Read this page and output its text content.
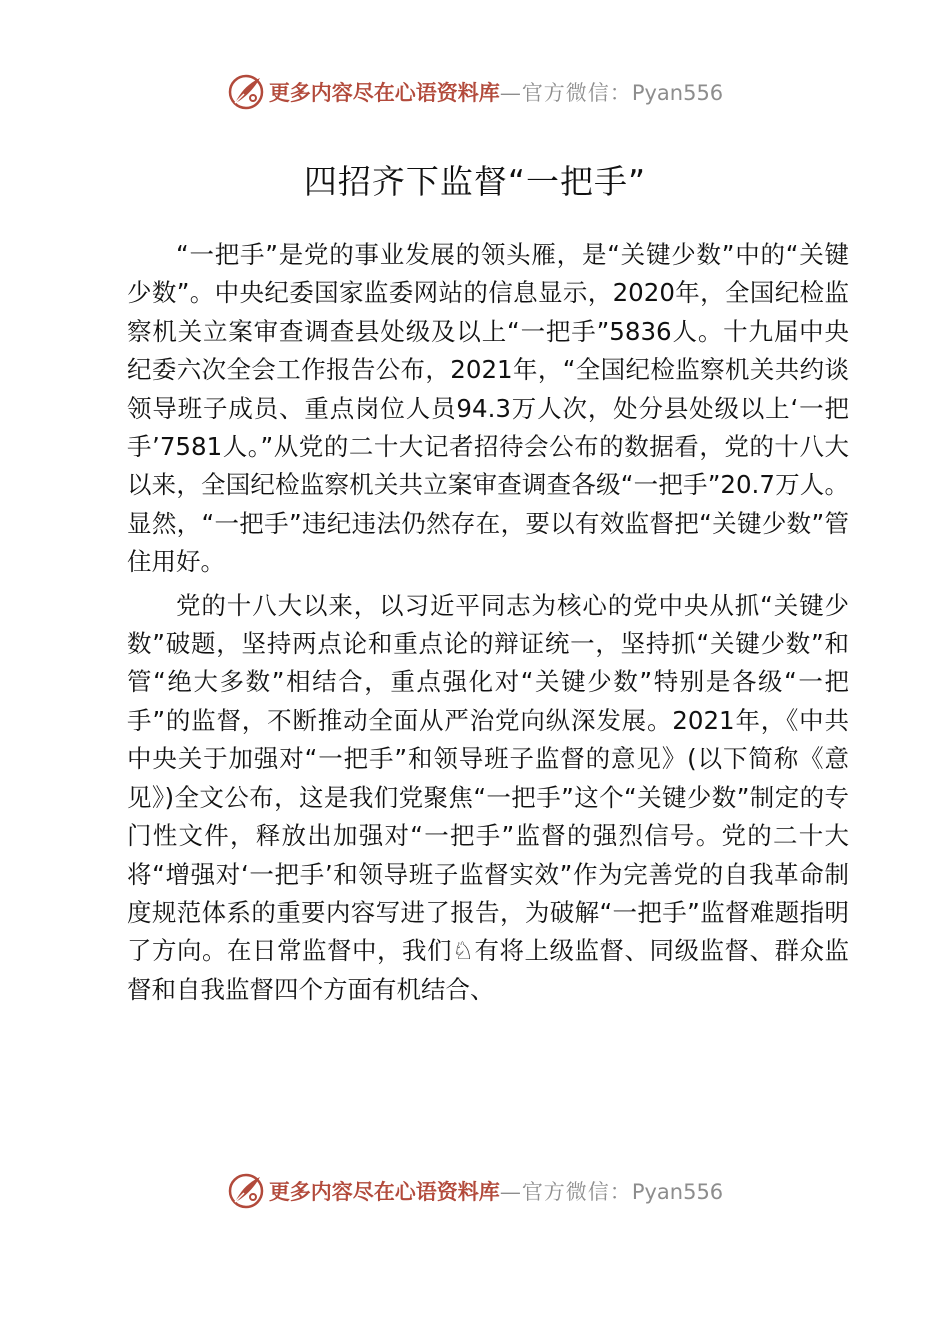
更多内容尽在心语资料库—官方微信：Pyan556
四招齐下监督“一把手”

“一把手”是党的事业发展的领头雁，是“关键少数”中的“关键少数”。中央纪委国家监委网站的信息显示，2020年，全国纪检监察机关立案审查调查县处级及以上“一把手”5836人。十九届中央纪委六次全会工作报告公布，2021年，“全国纪检监察机关共约谈领导班子成员、重点岗位人员94.3万人次，处分县处级以上‘一把手’7581人。”从党的二十大记者招待会公布的数据看，党的十八大以来，全国纪检监察机关共立案审查调查各级“一把手”20.7万人。显然，“一把手”违纪违法仍然存在，要以有效监督把“关键少数”管住用好。

党的十八大以来，以习近平同志为核心的党中央从抓“关键少数”破题，坚持两点论和重点论的辩证统一，坚持抓“关键少数”和管“绝大多数”相结合，重点强化对“关键少数”特别是各级“一把手”的监督，不断推动全面从严治党向纵深发展。2021年，《中共中央关于加强对“一把手”和领导班子监督的意见》(以下简称《意见》)全文公布，这是我们党聚焦“一把手”这个“关键少数”制定的专门性文件，释放出加强对“一把手”监督的强烈信号。党的二十大将“增强对‘一把手’和领导班子监督实效”作为完善党的自我革命制度规范体系的重要内容写进了报告，为破解“一把手”监督难题指明了方向。在日常监督中，我们♘有将上级监督、同级监督、群众监督和自我监督四个方面有机结合、

更多内容尽在心语资料库—官方微信：Pyan556
